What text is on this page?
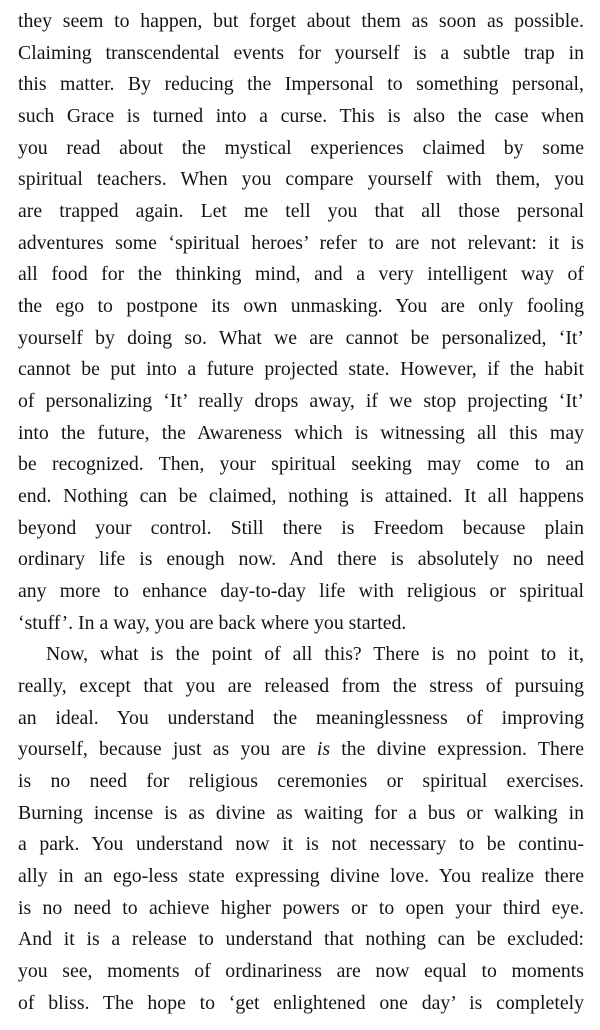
they seem to happen, but forget about them as soon as possible.
Claiming transcendental events for yourself is a subtle trap in
this matter. By reducing the Impersonal to something personal,
such Grace is turned into a curse. This is also the case when
you read about the mystical experiences claimed by some
spiritual teachers. When you compare yourself with them, you
are trapped again. Let me tell you that all those personal
adventures some ‘spiritual heroes’ refer to are not relevant: it is
all food for the thinking mind, and a very intelligent way of
the ego to postpone its own unmasking. You are only fooling
yourself by doing so. What we are cannot be personalized, ‘It’
cannot be put into a future projected state. However, if the habit
of personalizing ‘It’ really drops away, if we stop projecting ‘It’
into the future, the Awareness which is witnessing all this may
be recognized. Then, your spiritual seeking may come to an
end. Nothing can be claimed, nothing is attained. It all happens
beyond your control. Still there is Freedom because plain
ordinary life is enough now. And there is absolutely no need
any more to enhance day-to-day life with religious or spiritual
‘stuff’. In a way, you are back where you started.
Now, what is the point of all this? There is no point to it,
really, except that you are released from the stress of pursuing
an ideal. You understand the meaninglessness of improving
yourself, because just as you are is the divine expression. There
is no need for religious ceremonies or spiritual exercises.
Burning incense is as divine as waiting for a bus or walking in
a park. You understand now it is not necessary to be continu-
ally in an ego-less state expressing divine love. You realize there
is no need to achieve higher powers or to open your third eye.
And it is a release to understand that nothing can be excluded:
you see, moments of ordinariness are now equal to moments
of bliss. The hope to ‘get enlightened one day’ is completely
